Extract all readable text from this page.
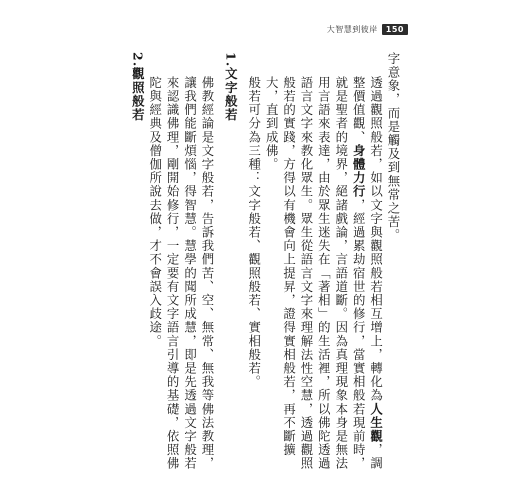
大智慧到彼岸	150

字意象，而是觸及到無常之苦。

透過觀照般若，如以文字與觀照般若相互增上，轉化為人生觀，調整價值觀、身體力行，經過累劫宿世的修行，當實相般若現前時，就是聖者的境界，絕諸戲論，言語道斷。因為真理現象本身是無法用言語來表達，由於眾生迷失在「著相」的生活裡，所以佛陀透過語言文字來教化眾生。眾生從語言文字來理解法性空慧，透過觀照般若的實踐，方得以有機會向上提昇，證得實相般若，再不斷擴大，直到成佛。

般若可分為三種：文字般若、觀照般若、實相般若。

1.文字般若

佛教經論是文字般若，告訴我們苦、空、無常、無我等佛法教理，讓我們能斷煩惱，得智慧。慧學的聞所成慧，即是先透過文字般若來認識佛理，剛開始修行，一定要有文字語言引導的基礎，依照佛陀與經典及僧伽所說去做，才不會誤入歧途。

2.觀照般若
